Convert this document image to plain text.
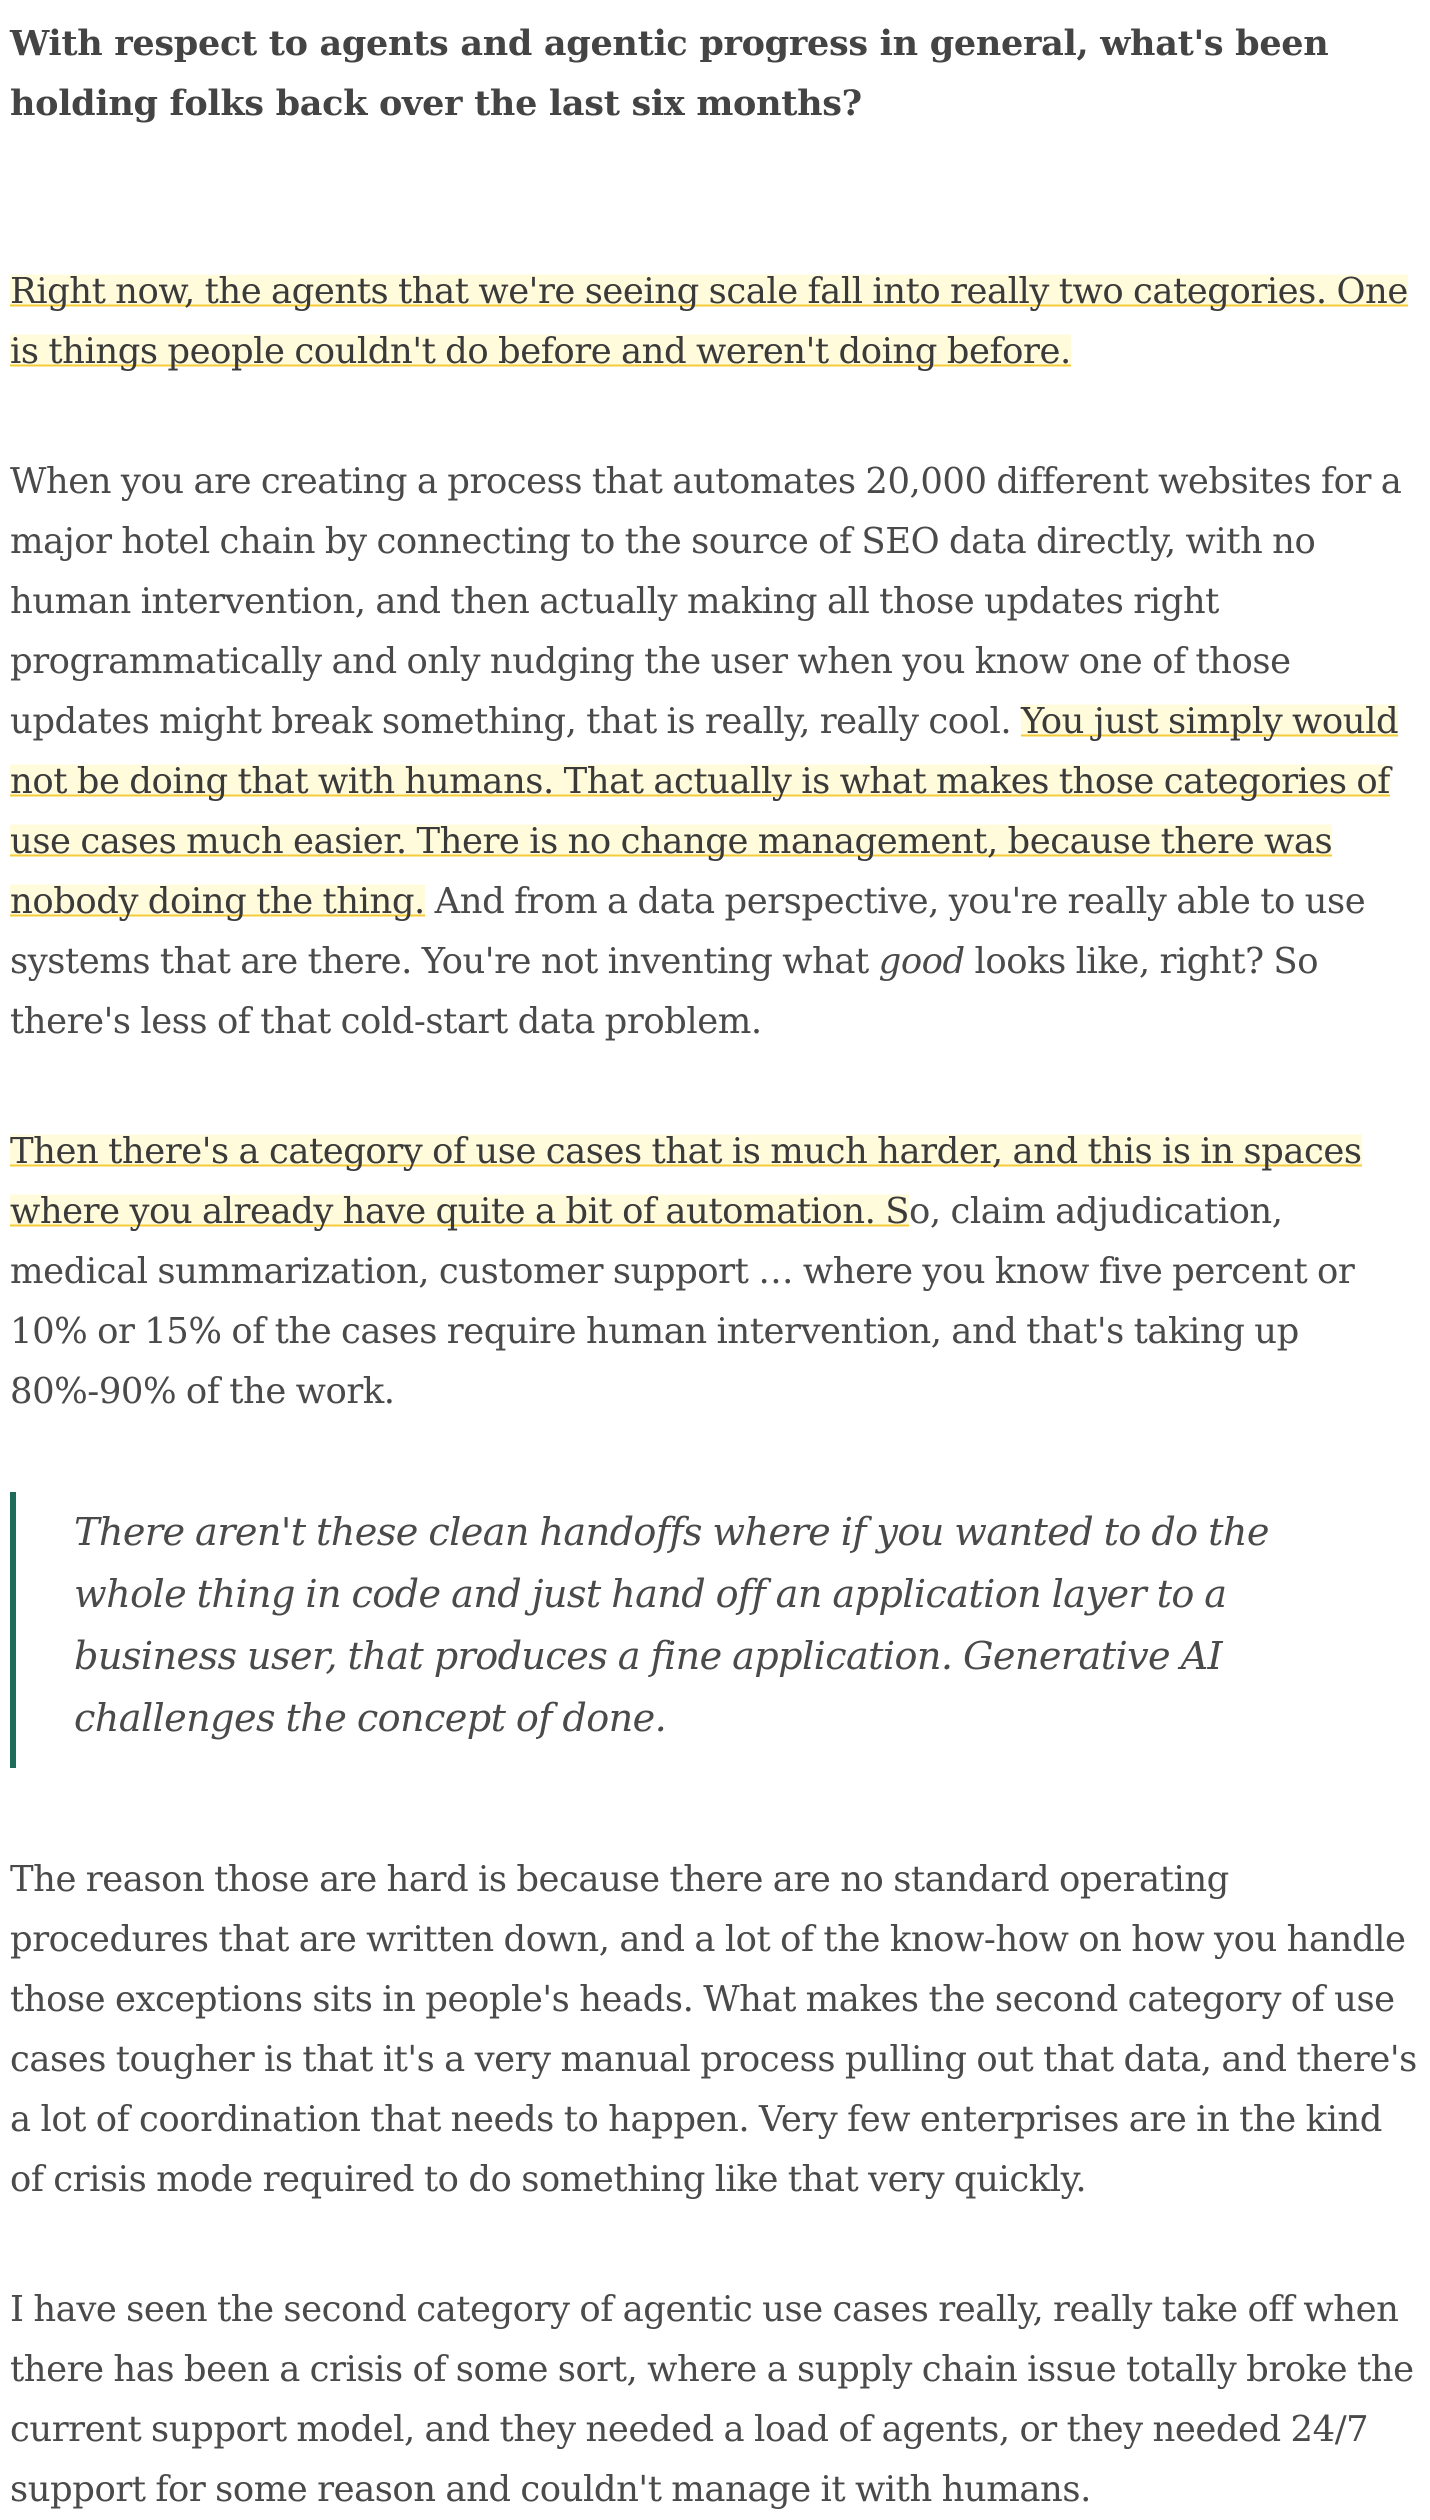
With respect to agents and agentic progress in general, what's been holding folks back over the last six months?

Right now, the agents that we're seeing scale fall into really two categories. One is things people couldn't do before and weren't doing before.

When you are creating a process that automates 20,000 different websites for a major hotel chain by connecting to the source of SEO data directly, with no human intervention, and then actually making all those updates right programmatically and only nudging the user when you know one of those updates might break something, that is really, really cool. You just simply would not be doing that with humans. That actually is what makes those categories of use cases much easier. There is no change management, because there was nobody doing the thing. And from a data perspective, you're really able to use systems that are there. You're not inventing what good looks like, right? So there's less of that cold-start data problem.

Then there's a category of use cases that is much harder, and this is in spaces where you already have quite a bit of automation. So, claim adjudication, medical summarization, customer support … where you know five percent or 10% or 15% of the cases require human intervention, and that's taking up 80%-90% of the work.

There aren't these clean handoffs where if you wanted to do the whole thing in code and just hand off an application layer to a business user, that produces a fine application. Generative AI challenges the concept of done.

The reason those are hard is because there are no standard operating procedures that are written down, and a lot of the know-how on how you handle those exceptions sits in people's heads. What makes the second category of use cases tougher is that it's a very manual process pulling out that data, and there's a lot of coordination that needs to happen. Very few enterprises are in the kind of crisis mode required to do something like that very quickly.

I have seen the second category of agentic use cases really, really take off when there has been a crisis of some sort, where a supply chain issue totally broke the current support model, and they needed a load of agents, or they needed 24/7 support for some reason and couldn't manage it with humans.
